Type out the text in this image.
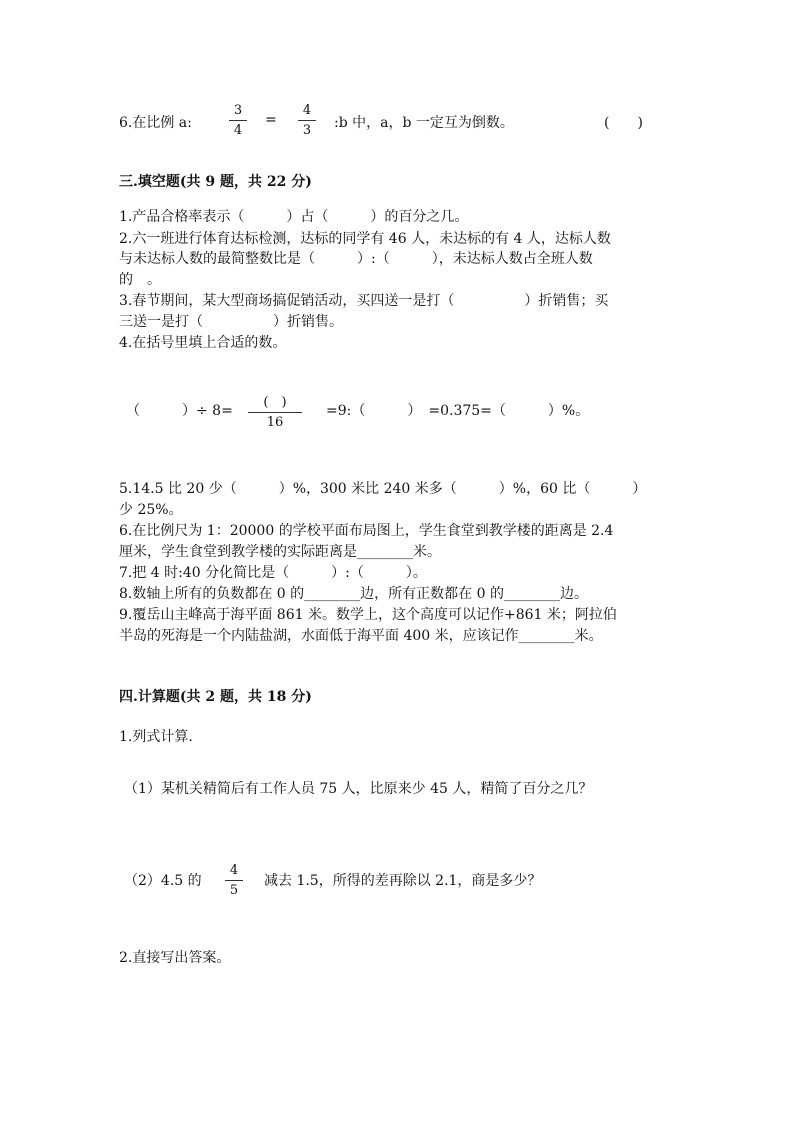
6.在比例 a:
3
4
=
4
3	:b 中，a，b 一定互为倒数。	(　　)
三.填空题(共 9 题，共 22 分)
1.产品合格率表示（　　　）占（　　　）的百分之几。
2.六一班进行体育达标检测，达标的同学有 46 人，未达标的有 4 人，达标人数
与未达标人数的最简整数比是（　　　）:（　　　），未达标人数占全班人数
的　。
3.春节期间，某大型商场搞促销活动，买四送一是打（　　　　　）折销售；买
三送一是打（　　　　　）折销售。
4.在括号里填上合适的数。
（　　　）÷ 8=
(　)
16
=9:（　　　）　=0.375=（　　　）%。
5.14.5 比 20 少（　　　）%，300 米比 240 米多（　　　）%，60 比（　　　）
少 25%。
6.在比例尺为 1：20000 的学校平面布局图上，学生食堂到教学楼的距离是 2.4
厘米，学生食堂到教学楼的实际距离是________米。
7.把 4 时:40 分化简比是（　　　）:（　　　）。
8.数轴上所有的负数都在 0 的________边，所有正数都在 0 的________边。
9.覆岳山主峰高于海平面 861 米。数学上，这个高度可以记作+861 米；阿拉伯
半岛的死海是一个内陆盐湖，水面低于海平面 400 米，应该记作________米。
四.计算题(共 2 题，共 18 分)
1.列式计算.
（1）某机关精简后有工作人员 75 人，比原来少 45 人，精简了百分之几？
（2）4.5 的
4
5
减去 1.5，所得的差再除以 2.1，商是多少？
2.直接写出答案。
